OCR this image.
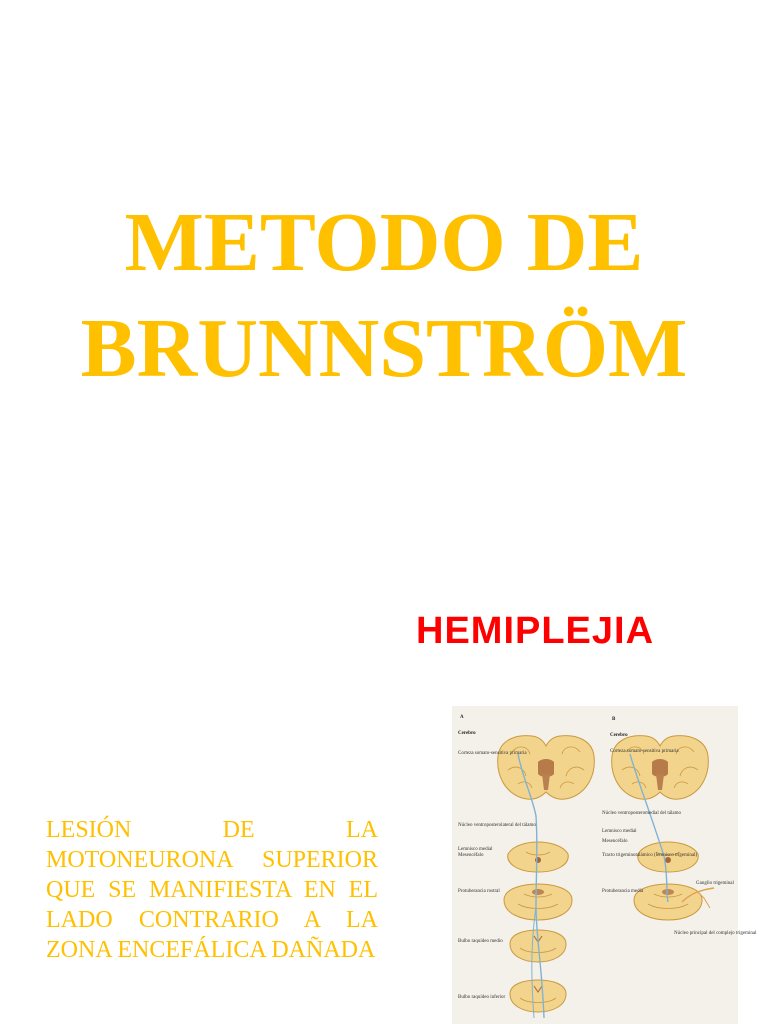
METODO DE
BRUNNSTRÖM
HEMIPLEJIA

LESIÓN DE LA MOTONEURONA SUPERIOR QUE SE MANIFIESTA EN EL LADO CONTRARIO A LA ZONA ENCEFÁLICA DAÑADA

A	B
Cerebro
Corteza somato-sensitiva primaria
Núcleo ventroposterolateral del tálamo
Lemnisco medial
Mesencéfalo
Protuberancia rostral
Bulbo raquídeo medio
Bulbo raquídeo inferior
Cerebro
Corteza somato-sensitiva primaria
Núcleo ventroposteromedial del tálamo
Lemnisco medial
Mesencéfalo
Tracto trigeminotalámico (lemnisco trigeminal)
Protuberancia media
Ganglio trigeminal
Núcleo principal del complejo trigeminal
